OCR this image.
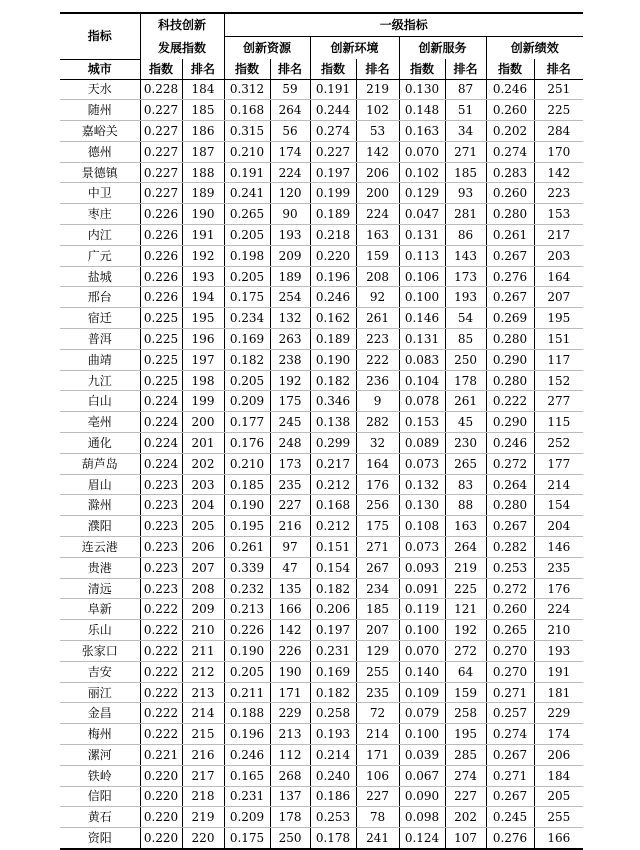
指标	科技创新		一级指标							
	发展指数		创新资源		创新环境		创新服务		创新绩效	
城市	指数	排名	指数	排名	指数	排名	指数	排名	指数	排名
天水	0.228	184	0.312	59	0.191	219	0.130	87	0.246	251
随州	0.227	185	0.168	264	0.244	102	0.148	51	0.260	225
嘉峪关	0.227	186	0.315	56	0.274	53	0.163	34	0.202	284
德州	0.227	187	0.210	174	0.227	142	0.070	271	0.274	170
景德镇	0.227	188	0.191	224	0.197	206	0.102	185	0.283	142
中卫	0.227	189	0.241	120	0.199	200	0.129	93	0.260	223
枣庄	0.226	190	0.265	90	0.189	224	0.047	281	0.280	153
内江	0.226	191	0.205	193	0.218	163	0.131	86	0.261	217
广元	0.226	192	0.198	209	0.220	159	0.113	143	0.267	203
盐城	0.226	193	0.205	189	0.196	208	0.106	173	0.276	164
邢台	0.226	194	0.175	254	0.246	92	0.100	193	0.267	207
宿迁	0.225	195	0.234	132	0.162	261	0.146	54	0.269	195
普洱	0.225	196	0.169	263	0.189	223	0.131	85	0.280	151
曲靖	0.225	197	0.182	238	0.190	222	0.083	250	0.290	117
九江	0.225	198	0.205	192	0.182	236	0.104	178	0.280	152
白山	0.224	199	0.209	175	0.346	9	0.078	261	0.222	277
亳州	0.224	200	0.177	245	0.138	282	0.153	45	0.290	115
通化	0.224	201	0.176	248	0.299	32	0.089	230	0.246	252
葫芦岛	0.224	202	0.210	173	0.217	164	0.073	265	0.272	177
眉山	0.223	203	0.185	235	0.212	176	0.132	83	0.264	214
滁州	0.223	204	0.190	227	0.168	256	0.130	88	0.280	154
濮阳	0.223	205	0.195	216	0.212	175	0.108	163	0.267	204
连云港	0.223	206	0.261	97	0.151	271	0.073	264	0.282	146
贵港	0.223	207	0.339	47	0.154	267	0.093	219	0.253	235
清远	0.223	208	0.232	135	0.182	234	0.091	225	0.272	176
阜新	0.222	209	0.213	166	0.206	185	0.119	121	0.260	224
乐山	0.222	210	0.226	142	0.197	207	0.100	192	0.265	210
张家口	0.222	211	0.190	226	0.231	129	0.070	272	0.270	193
吉安	0.222	212	0.205	190	0.169	255	0.140	64	0.270	191
丽江	0.222	213	0.211	171	0.182	235	0.109	159	0.271	181
金昌	0.222	214	0.188	229	0.258	72	0.079	258	0.257	229
梅州	0.222	215	0.196	213	0.193	214	0.100	195	0.274	174
漯河	0.221	216	0.246	112	0.214	171	0.039	285	0.267	206
铁岭	0.220	217	0.165	268	0.240	106	0.067	274	0.271	184
信阳	0.220	218	0.231	137	0.186	227	0.090	227	0.267	205
黄石	0.220	219	0.209	178	0.253	78	0.098	202	0.245	255
资阳	0.220	220	0.175	250	0.178	241	0.124	107	0.276	166
